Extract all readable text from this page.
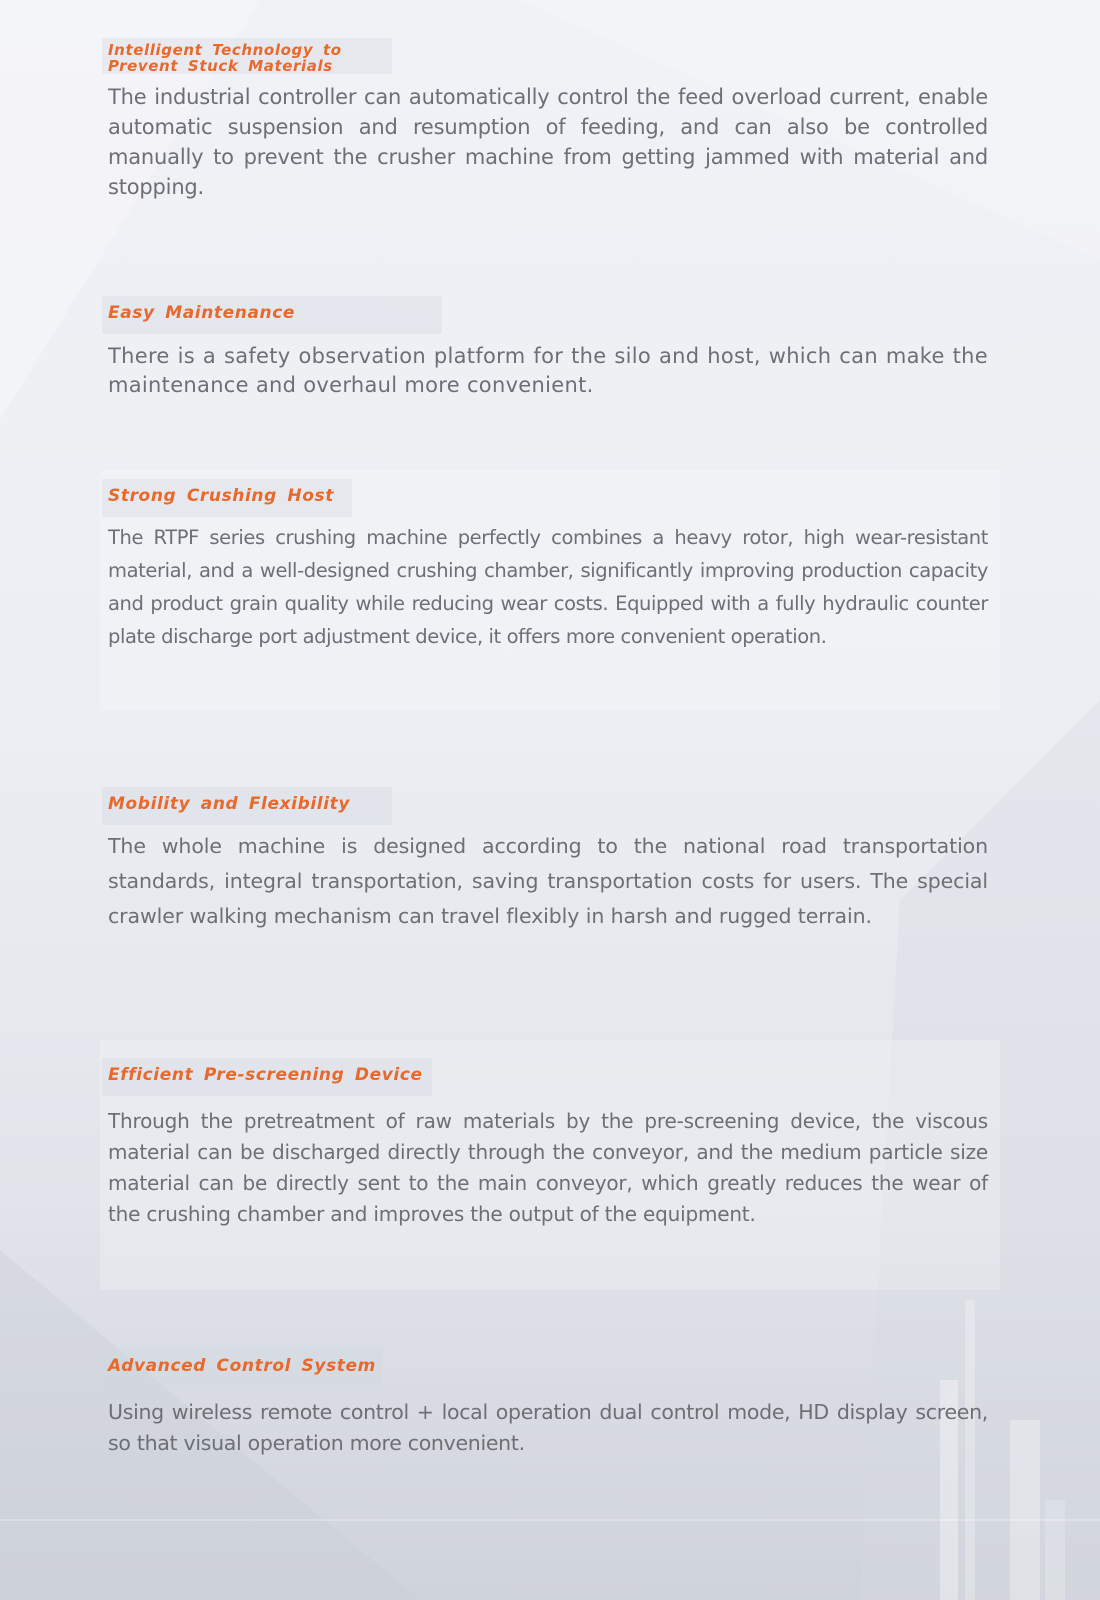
Intelligent Technology to Prevent Stuck Materials

The industrial controller can automatically control the feed overload current, enable automatic suspension and resumption of feeding, and can also be controlled manually to prevent the crusher machine from getting jammed with material and stopping.

Easy Maintenance

There is a safety observation platform for the silo and host, which can make the maintenance and overhaul more convenient.

Strong Crushing Host

The RTPF series crushing machine perfectly combines a heavy rotor, high wear-resistant material, and a well-designed crushing chamber, significantly improving production capacity and product grain quality while reducing wear costs. Equipped with a fully hydraulic counter plate discharge port adjustment device, it offers more convenient operation.

Mobility and Flexibility

The whole machine is designed according to the national road transportation standards, integral transportation, saving transportation costs for users. The special crawler walking mechanism can travel flexibly in harsh and rugged terrain.

Efficient Pre-screening Device

Through the pretreatment of raw materials by the pre-screening device, the viscous material can be discharged directly through the conveyor, and the medium particle size material can be directly sent to the main conveyor, which greatly reduces the wear of the crushing chamber and improves the output of the equipment.

Advanced Control System

Using wireless remote control + local operation dual control mode, HD display screen, so that visual operation more convenient.
